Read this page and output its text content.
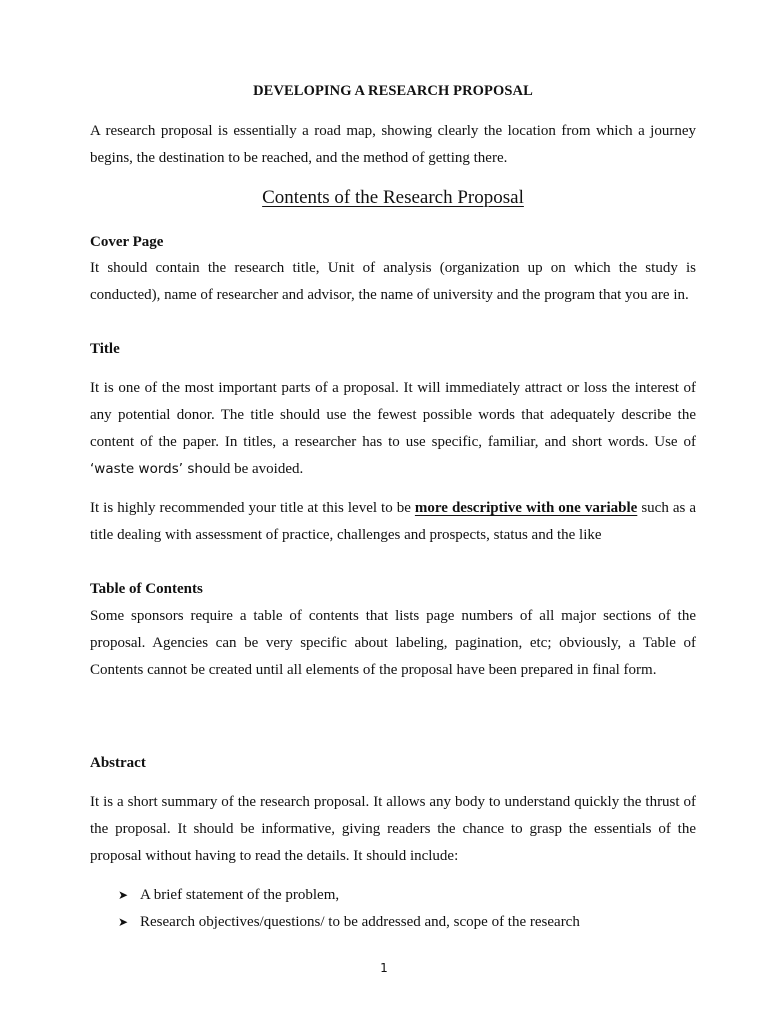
DEVELOPING A RESEARCH PROPOSAL

A research proposal is essentially a road map, showing clearly the location from which a journey begins, the destination to be reached, and the method of getting there.

Contents of the Research Proposal

Cover Page

It should contain the research title, Unit of analysis (organization up on which the study is conducted), name of researcher and advisor, the name of university and the program that you are in.

Title

It is one of the most important parts of a proposal. It will immediately attract or loss the interest of any potential donor. The title should use the fewest possible words that adequately describe the content of the paper. In titles, a researcher has to use specific, familiar, and short words. Use of ‘waste words’ should be avoided.

It is highly recommended your title at this level to be more descriptive with one variable such as a title dealing with assessment of practice, challenges and prospects, status and the like

Table of Contents

Some sponsors require a table of contents that lists page numbers of all major sections of the proposal. Agencies can be very specific about labeling, pagination, etc; obviously, a Table of Contents cannot be created until all elements of the proposal have been prepared in final form.

Abstract

It is a short summary of the research proposal. It allows any body to understand quickly the thrust of the proposal. It should be informative, giving readers the chance to grasp the essentials of the proposal without having to read the details. It should include:

➤ A brief statement of the problem,
➤ Research objectives/questions/ to be addressed and, scope of the research
1
